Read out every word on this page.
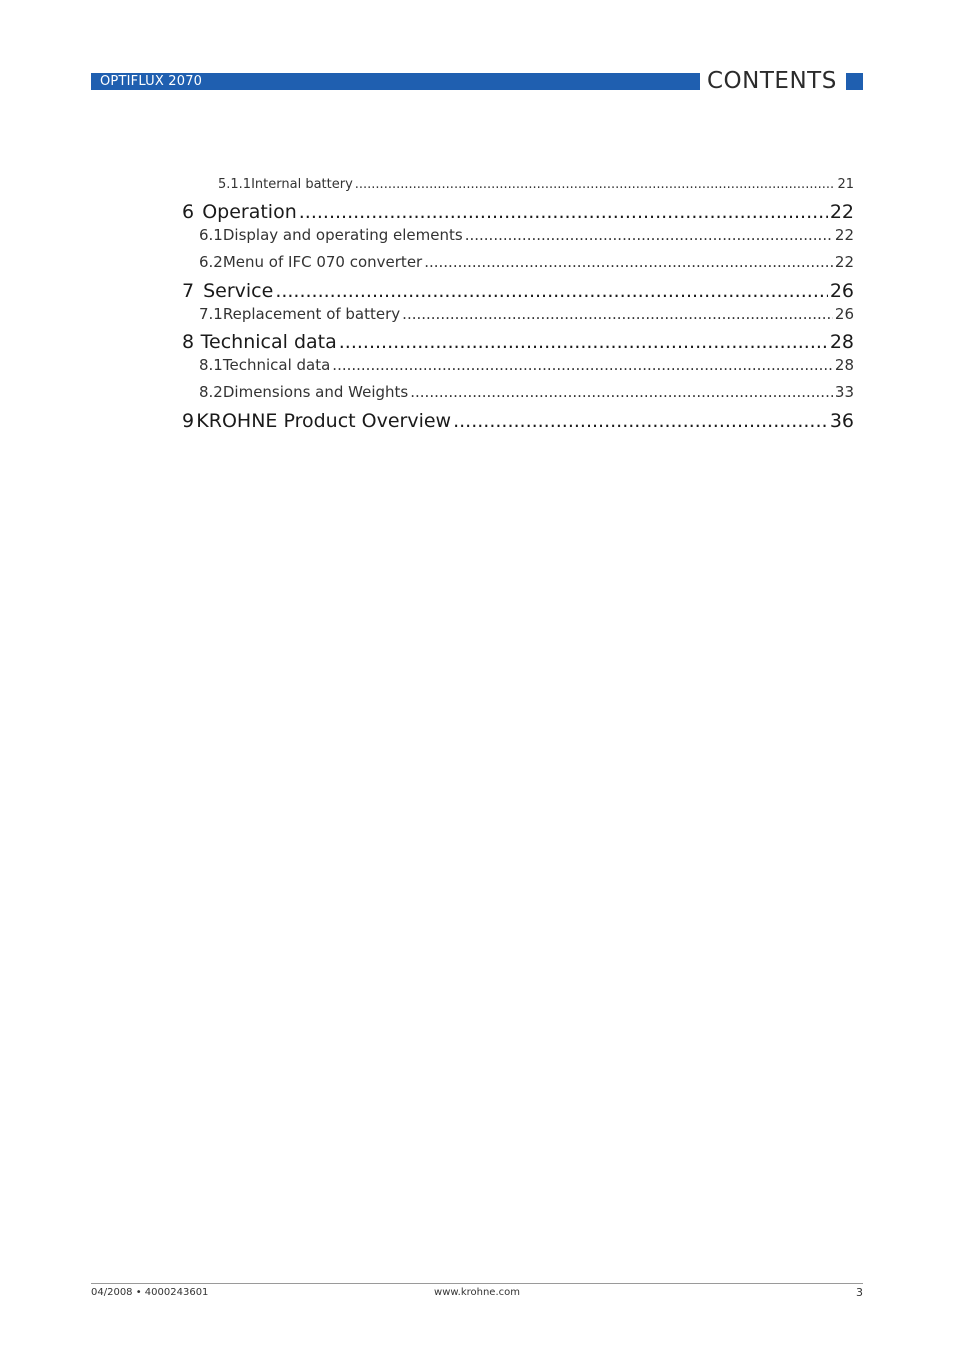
OPTIFLUX 2070	CONTENTS
5.1.1 Internal battery .....	21
6 Operation .....	22
6.1 Display and operating elements .....	22
6.2 Menu of IFC 070 converter .....	22
7 Service .....	26
7.1 Replacement of battery .....	26
8 Technical data .....	28
8.1 Technical data .....	28
8.2 Dimensions and Weights .....	33
9 KROHNE Product Overview .....	36
04/2008 • 4000243601	www.krohne.com	3
